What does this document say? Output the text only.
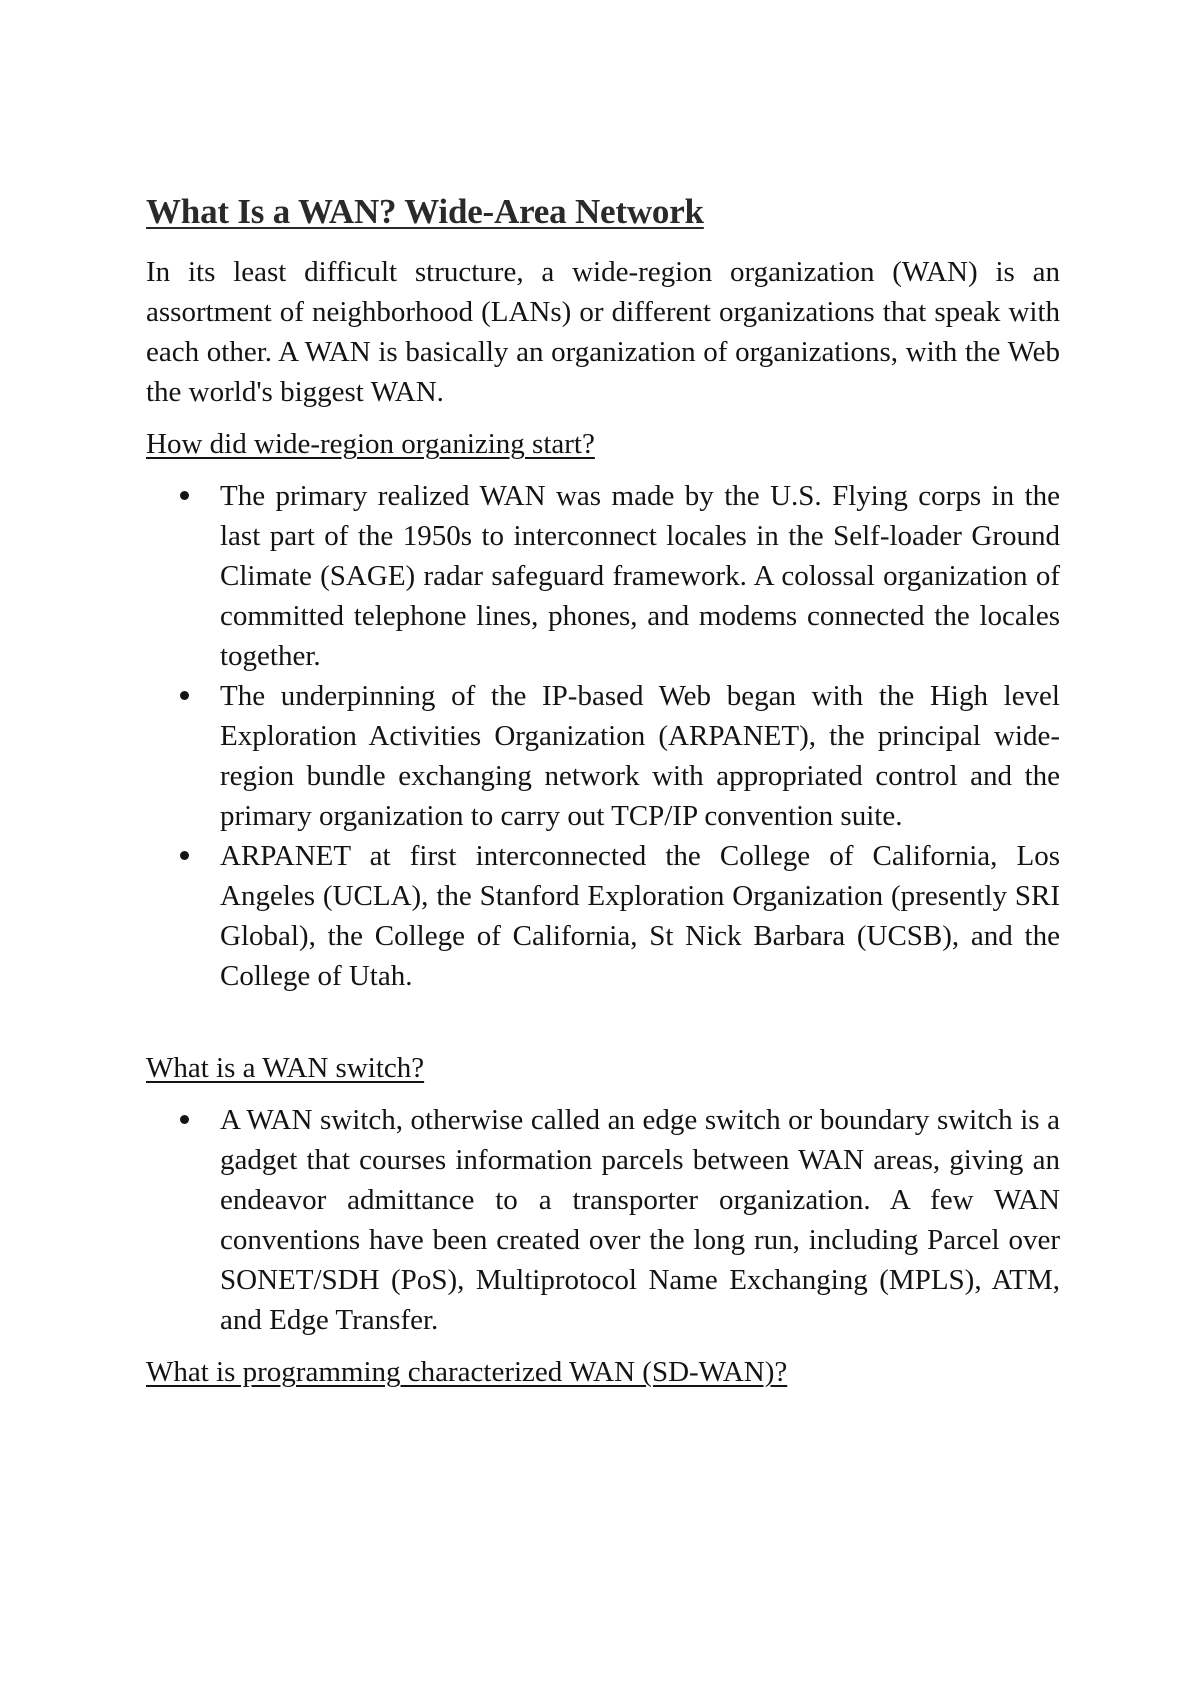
What Is a WAN? Wide-Area Network

In its least difficult structure, a wide-region organization (WAN) is an assortment of neighborhood (LANs) or different organizations that speak with each other. A WAN is basically an organization of organizations, with the Web the world's biggest WAN.

How did wide-region organizing start?
The primary realized WAN was made by the U.S. Flying corps in the last part of the 1950s to interconnect locales in the Self-loader Ground Climate (SAGE) radar safeguard framework. A colossal organization of committed telephone lines, phones, and modems connected the locales together.
The underpinning of the IP-based Web began with the High level Exploration Activities Organization (ARPANET), the principal wide-region bundle exchanging network with appropriated control and the primary organization to carry out TCP/IP convention suite.
ARPANET at first interconnected the College of California, Los Angeles (UCLA), the Stanford Exploration Organization (presently SRI Global), the College of California, St Nick Barbara (UCSB), and the College of Utah.
What is a WAN switch?
A WAN switch, otherwise called an edge switch or boundary switch is a gadget that courses information parcels between WAN areas, giving an endeavor admittance to a transporter organization. A few WAN conventions have been created over the long run, including Parcel over SONET/SDH (PoS), Multiprotocol Name Exchanging (MPLS), ATM, and Edge Transfer.
What is programming characterized WAN (SD-WAN)?
